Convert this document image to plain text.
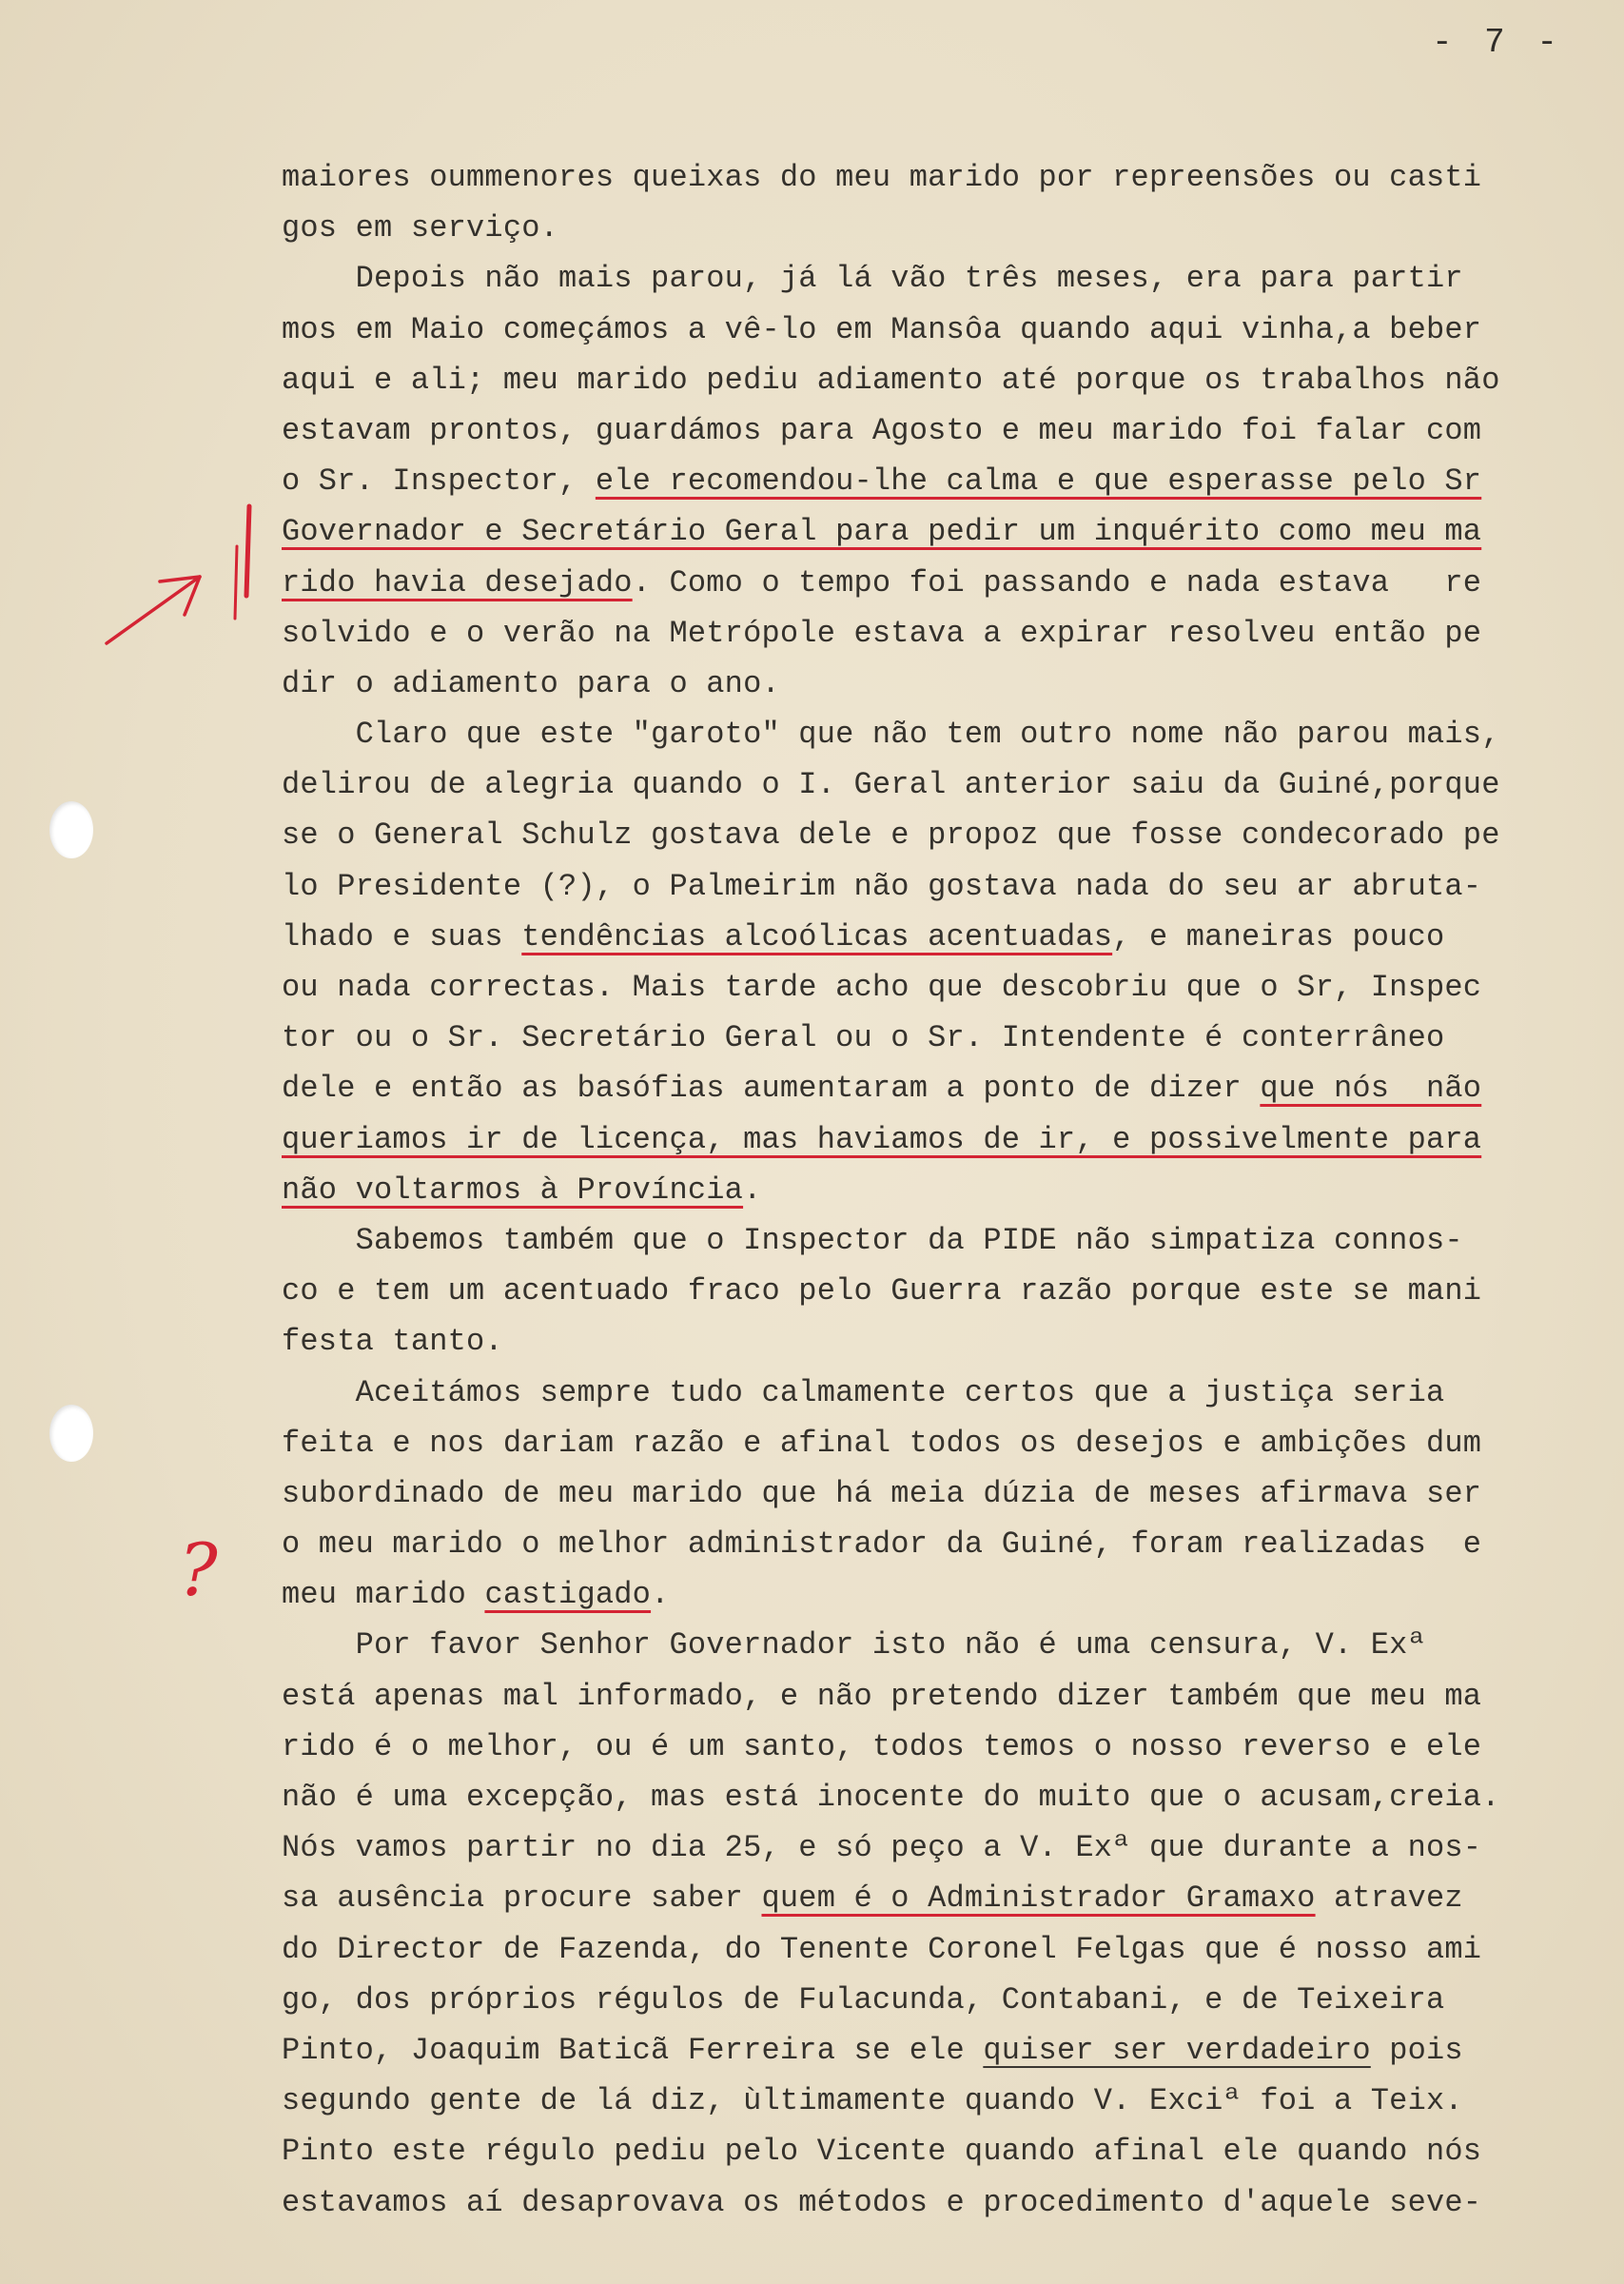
- 7 -
?
maiores oummenores queixas do meu marido por repreensões ou casti
gos em serviço.
Depois não mais parou, já lá vão três meses, era para partir
mos em Maio começámos a vê-lo em Mansôa quando aqui vinha,a beber
aqui e ali; meu marido pediu adiamento até porque os trabalhos não
estavam prontos, guardámos para Agosto e meu marido foi falar com
o Sr. Inspector, ele recomendou-lhe calma e que esperasse pelo Sr
Governador e Secretário Geral para pedir um inquérito como meu ma
rido havia desejado. Como o tempo foi passando e nada estava   re
solvido e o verão na Metrópole estava a expirar resolveu então pe
dir o adiamento para o ano.
Claro que este "garoto" que não tem outro nome não parou mais,
delirou de alegria quando o I. Geral anterior saiu da Guiné,porque
se o General Schulz gostava dele e propoz que fosse condecorado pe
lo Presidente (?), o Palmeirim não gostava nada do seu ar abruta-
lhado e suas tendências alcoólicas acentuadas, e maneiras pouco
ou nada correctas. Mais tarde acho que descobriu que o Sr, Inspec
tor ou o Sr. Secretário Geral ou o Sr. Intendente é conterrâneo
dele e então as basófias aumentaram a ponto de dizer que nós  não
queriamos ir de licença, mas haviamos de ir, e possivelmente para
não voltarmos à Província.
Sabemos também que o Inspector da PIDE não simpatiza connos-
co e tem um acentuado fraco pelo Guerra razão porque este se mani
festa tanto.
Aceitámos sempre tudo calmamente certos que a justiça seria
feita e nos dariam razão e afinal todos os desejos e ambições dum
subordinado de meu marido que há meia dúzia de meses afirmava ser
o meu marido o melhor administrador da Guiné, foram realizadas  e
meu marido castigado.
Por favor Senhor Governador isto não é uma censura, V. Exª
está apenas mal informado, e não pretendo dizer também que meu ma
rido é o melhor, ou é um santo, todos temos o nosso reverso e ele
não é uma excepção, mas está inocente do muito que o acusam,creia.
Nós vamos partir no dia 25, e só peço a V. Exª que durante a nos-
sa ausência procure saber quem é o Administrador Gramaxo atravez
do Director de Fazenda, do Tenente Coronel Felgas que é nosso ami
go, dos próprios régulos de Fulacunda, Contabani, e de Teixeira
Pinto, Joaquim Baticã Ferreira se ele quiser ser verdadeiro pois
segundo gente de lá diz, ùltimamente quando V. Exciª foi a Teix.
Pinto este régulo pediu pelo Vicente quando afinal ele quando nós
estavamos aí desaprovava os métodos e procedimento d'aquele seve-
